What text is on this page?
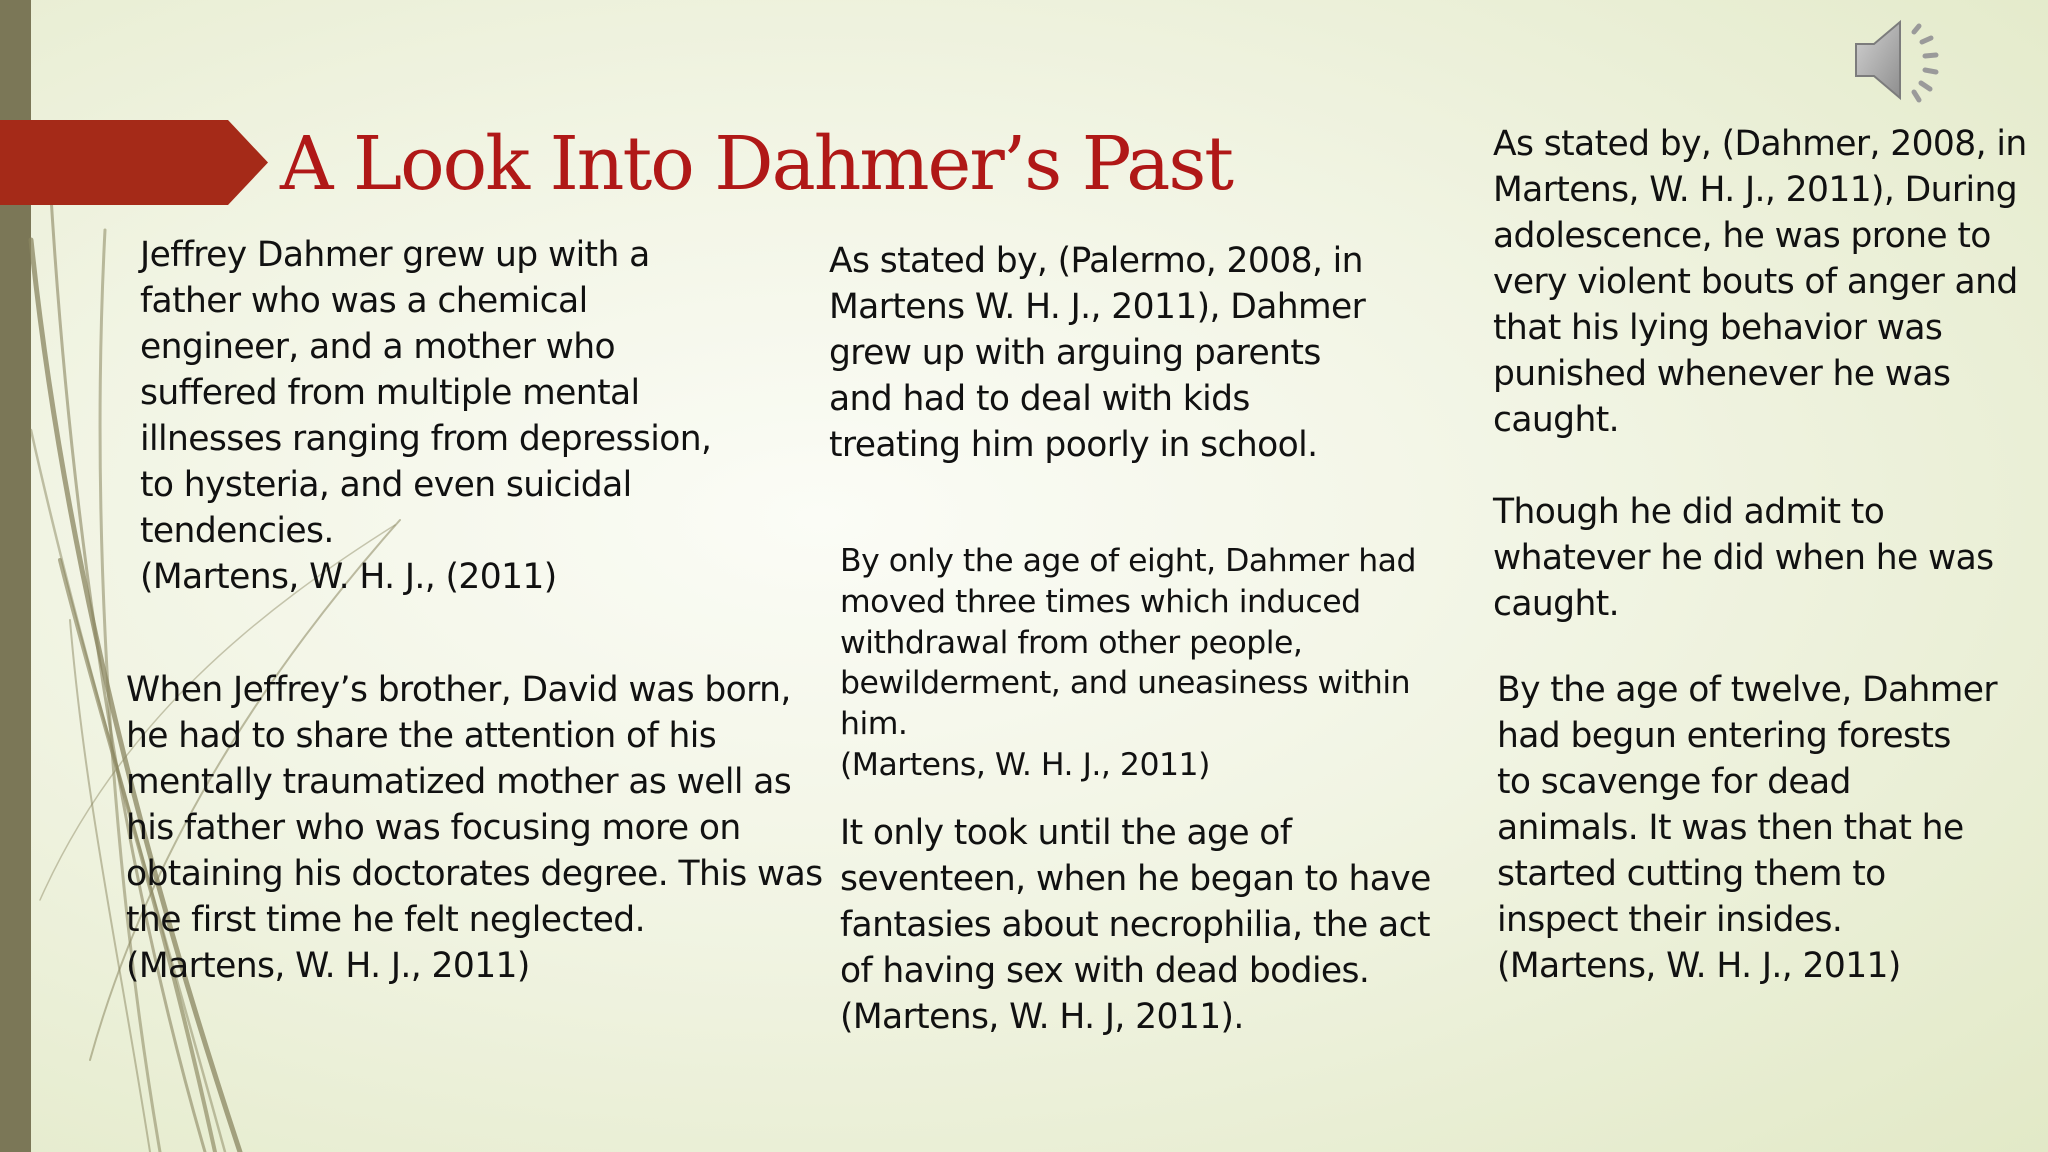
A Look Into Dahmer’s Past

Jeffrey Dahmer grew up with a
father who was a chemical
engineer, and a mother who
suffered from multiple mental
illnesses ranging from depression,
to hysteria, and even suicidal
tendencies.
(Martens, W. H. J., (2011)

When Jeffrey’s brother, David was born,
he had to share the attention of his
mentally traumatized mother as well as
his father who was focusing more on
obtaining his doctorates degree. This was
the first time he felt neglected.
(Martens, W. H. J., 2011)

As stated by, (Palermo, 2008, in
Martens W. H. J., 2011), Dahmer
grew up with arguing parents
and had to deal with kids
treating him poorly in school.

By only the age of eight, Dahmer had
moved three times which induced
withdrawal from other people,
bewilderment, and uneasiness within
him.
(Martens, W. H. J., 2011)

It only took until the age of
seventeen, when he began to have
fantasies about necrophilia, the act
of having sex with dead bodies.
(Martens, W. H. J, 2011).

As stated by, (Dahmer, 2008, in
Martens, W. H. J., 2011), During
adolescence, he was prone to
very violent bouts of anger and
that his lying behavior was
punished whenever he was
caught.

Though he did admit to
whatever he did when he was
caught.

By the age of twelve, Dahmer
had begun entering forests
to scavenge for dead
animals. It was then that he
started cutting them to
inspect their insides.
(Martens, W. H. J., 2011)
